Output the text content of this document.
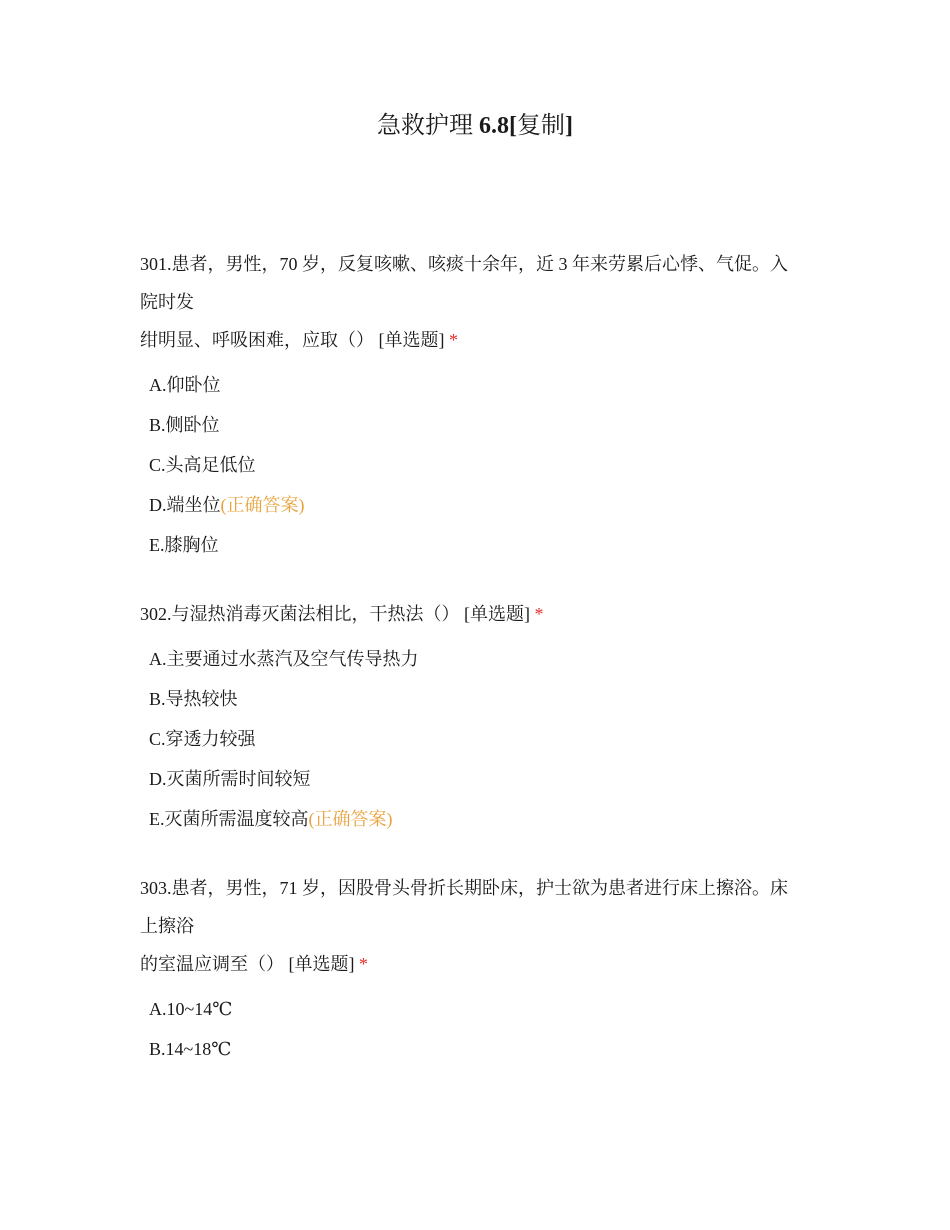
急救护理 6.8[复制]

301.患者，男性，70 岁，反复咳嗽、咳痰十余年，近 3 年来劳累后心悸、气促。入
院时发
绀明显、呼吸困难，应取（） [单选题] *

A.仰卧位
B.侧卧位
C.头高足低位
D.端坐位(正确答案)
E.膝胸位

302.与湿热消毒灭菌法相比，干热法（） [单选题] *

A.主要通过水蒸汽及空气传导热力
B.导热较快
C.穿透力较强
D.灭菌所需时间较短
E.灭菌所需温度较高(正确答案)

303.患者，男性，71 岁，因股骨头骨折长期卧床，护士欲为患者进行床上擦浴。床
上擦浴
的室温应调至（） [单选题] *

A.10~14℃
B.14~18℃
